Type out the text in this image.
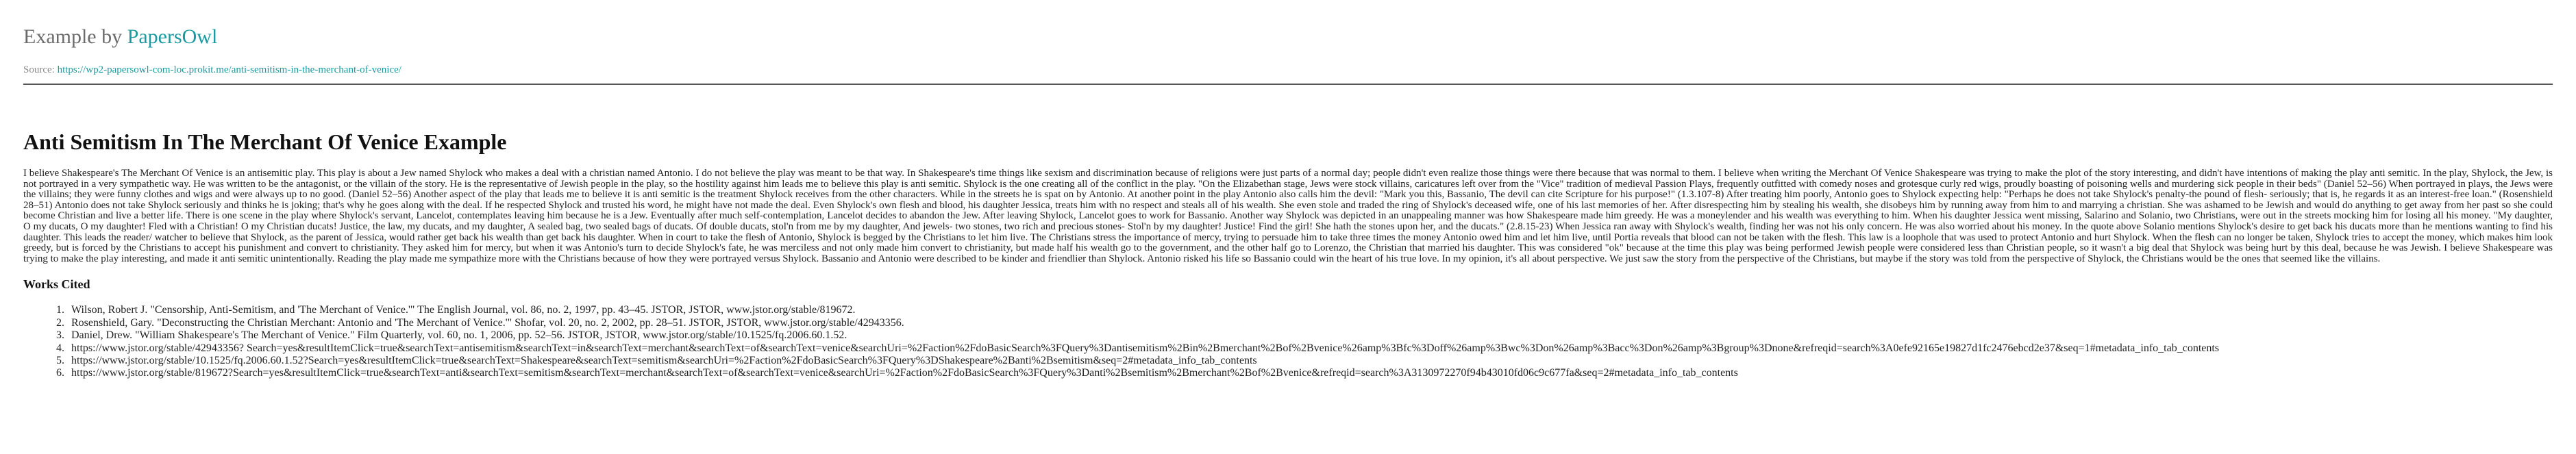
Example by PapersOwl
Source: https://wp2-papersowl-com-loc.prokit.me/anti-semitism-in-the-merchant-of-venice/
Anti Semitism In The Merchant Of Venice Example
I believe Shakespeare's The Merchant Of Venice is an antisemitic play. This play is about a Jew named Shylock who makes a deal with a christian named Antonio. I do not believe the play was meant to be that way. In Shakespeare's time things like sexism and discrimination because of religions were just parts of a normal day; people didn't even realize those things were there because that was normal to them. I believe when writing the Merchant Of Venice Shakespeare was trying to make the plot of the story interesting, and didn't have intentions of making the play anti semitic. In the play, Shylock, the Jew, is not portrayed in a very sympathetic way. He was written to be the antagonist, or the villain of the story. He is the representative of Jewish people in the play, so the hostility against him leads me to believe this play is anti semitic. Shylock is the one creating all of the conflict in the play. "On the Elizabethan stage, Jews were stock villains, caricatures left over from the "Vice" tradition of medieval Passion Plays, frequently outfitted with comedy noses and grotesque curly red wigs, proudly boasting of poisoning wells and murdering sick people in their beds" (Daniel 52–56) When portrayed in plays, the Jews were the villains; they were funny clothes and wigs and were always up to no good. (Daniel 52–56) Another aspect of the play that leads me to believe it is anti semitic is the treatment Shylock receives from the other characters. While in the streets he is spat on by Antonio. At another point in the play Antonio also calls him the devil: "Mark you this, Bassanio, The devil can cite Scripture for his purpose!" (1.3.107-8) After treating him poorly, Antonio goes to Shylock expecting help: "Perhaps he does not take Shylock's penalty-the pound of flesh- seriously; that is, he regards it as an interest-free loan." (Rosenshield 28–51) Antonio does not take Shylock seriously and thinks he is joking; that's why he goes along with the deal. If he respected Shylock and trusted his word, he might have not made the deal. Even Shylock's own flesh and blood, his daughter Jessica, treats him with no respect and steals all of his wealth. She even stole and traded the ring of Shylock's deceased wife, one of his last memories of her. After disrespecting him by stealing his wealth, she disobeys him by running away from him to and marrying a christian. She was ashamed to be Jewish and would do anything to get away from her past so she could become Christian and live a better life. There is one scene in the play where Shylock's servant, Lancelot, contemplates leaving him because he is a Jew. Eventually after much self-contemplation, Lancelot decides to abandon the Jew. After leaving Shylock, Lancelot goes to work for Bassanio. Another way Shylock was depicted in an unappealing manner was how Shakespeare made him greedy. He was a moneylender and his wealth was everything to him. When his daughter Jessica went missing, Salarino and Solanio, two Christians, were out in the streets mocking him for losing all his money. "My daughter, O my ducats, O my daughter! Fled with a Christian! O my Christian ducats! Justice, the law, my ducats, and my daughter, A sealed bag, two sealed bags of ducats. Of double ducats, stol'n from me by my daughter, And jewels- two stones, two rich and precious stones- Stol'n by my daughter! Justice! Find the girl! She hath the stones upon her, and the ducats." (2.8.15-23) When Jessica ran away with Shylock's wealth, finding her was not his only concern. He was also worried about his money. In the quote above Solanio mentions Shylock's desire to get back his ducats more than he mentions wanting to find his daughter. This leads the reader/ watcher to believe that Shylock, as the parent of Jessica, would rather get back his wealth than get back his daughter. When in court to take the flesh of Antonio, Shylock is begged by the Christians to let him live. The Christians stress the importance of mercy, trying to persuade him to take three times the money Antonio owed him and let him live, until Portia reveals that blood can not be taken with the flesh. This law is a loophole that was used to protect Antonio and hurt Shylock. When the flesh can no longer be taken, Shylock tries to accept the money, which makes him look greedy, but is forced by the Christians to accept his punishment and convert to christianity. They asked him for mercy, but when it was Antonio's turn to decide Shylock's fate, he was merciless and not only made him convert to christianity, but made half his wealth go to the government, and the other half go to Lorenzo, the Christian that married his daughter. This was considered "ok" because at the time this play was being performed Jewish people were considered less than Christian people, so it wasn't a big deal that Shylock was being hurt by this deal, because he was Jewish. I believe Shakespeare was trying to make the play interesting, and made it anti semitic unintentionally. Reading the play made me sympathize more with the Christians because of how they were portrayed versus Shylock. Bassanio and Antonio were described to be kinder and friendlier than Shylock. Antonio risked his life so Bassanio could win the heart of his true love. In my opinion, it's all about perspective. We just saw the story from the perspective of the Christians, but maybe if the story was told from the perspective of Shylock, the Christians would be the ones that seemed like the villains.
Works Cited
1. Wilson, Robert J. "Censorship, Anti-Semitism, and 'The Merchant of Venice.'" The English Journal, vol. 86, no. 2, 1997, pp. 43–45. JSTOR, JSTOR, www.jstor.org/stable/819672.
2. Rosenshield, Gary. "Deconstructing the Christian Merchant: Antonio and 'The Merchant of Venice.'" Shofar, vol. 20, no. 2, 2002, pp. 28–51. JSTOR, JSTOR, www.jstor.org/stable/42943356.
3. Daniel, Drew. "William Shakespeare's The Merchant of Venice." Film Quarterly, vol. 60, no. 1, 2006, pp. 52–56. JSTOR, JSTOR, www.jstor.org/stable/10.1525/fq.2006.60.1.52.
4. https://www.jstor.org/stable/42943356? Search=yes&resultItemClick=true&searchText=antisemitism&searchText=in&searchText=merchant&searchText=of&searchText=venice&searchUri=%2Faction%2FdoBasicSearch%3FQuery%3Dantisemitism%2Bin%2Bmerchant%2Bof%2Bvenice%26amp%3Bfc%3Doff%26amp%3Bwc%3Don%26amp%3Bacc%3Don%26amp%3Bgroup%3Dnone&refreqid=search%3A0efe92165e19827d1fc2476ebcd2e37&seq=1#metadata_info_tab_contents
5. https://www.jstor.org/stable/10.1525/fq.2006.60.1.52?Search=yes&resultItemClick=true&searchText=Shakespeare&searchText=semitism&searchUri=%2Faction%2FdoBasicSearch%3FQuery%3DShakespeare%2Banti%2Bsemitism&seq=2#metadata_info_tab_contents
6. https://www.jstor.org/stable/819672?Search=yes&resultItemClick=true&searchText=anti&searchText=semitism&searchText=merchant&searchText=of&searchText=venice&searchUri=%2Faction%2FdoBasicSearch%3FQuery%3Danti%2Bsemitism%2Bmerchant%2Bof%2Bvenice&refreqid=search%3A3130972270f94b43010fd06c9c677fa&seq=2#metadata_info_tab_contents
